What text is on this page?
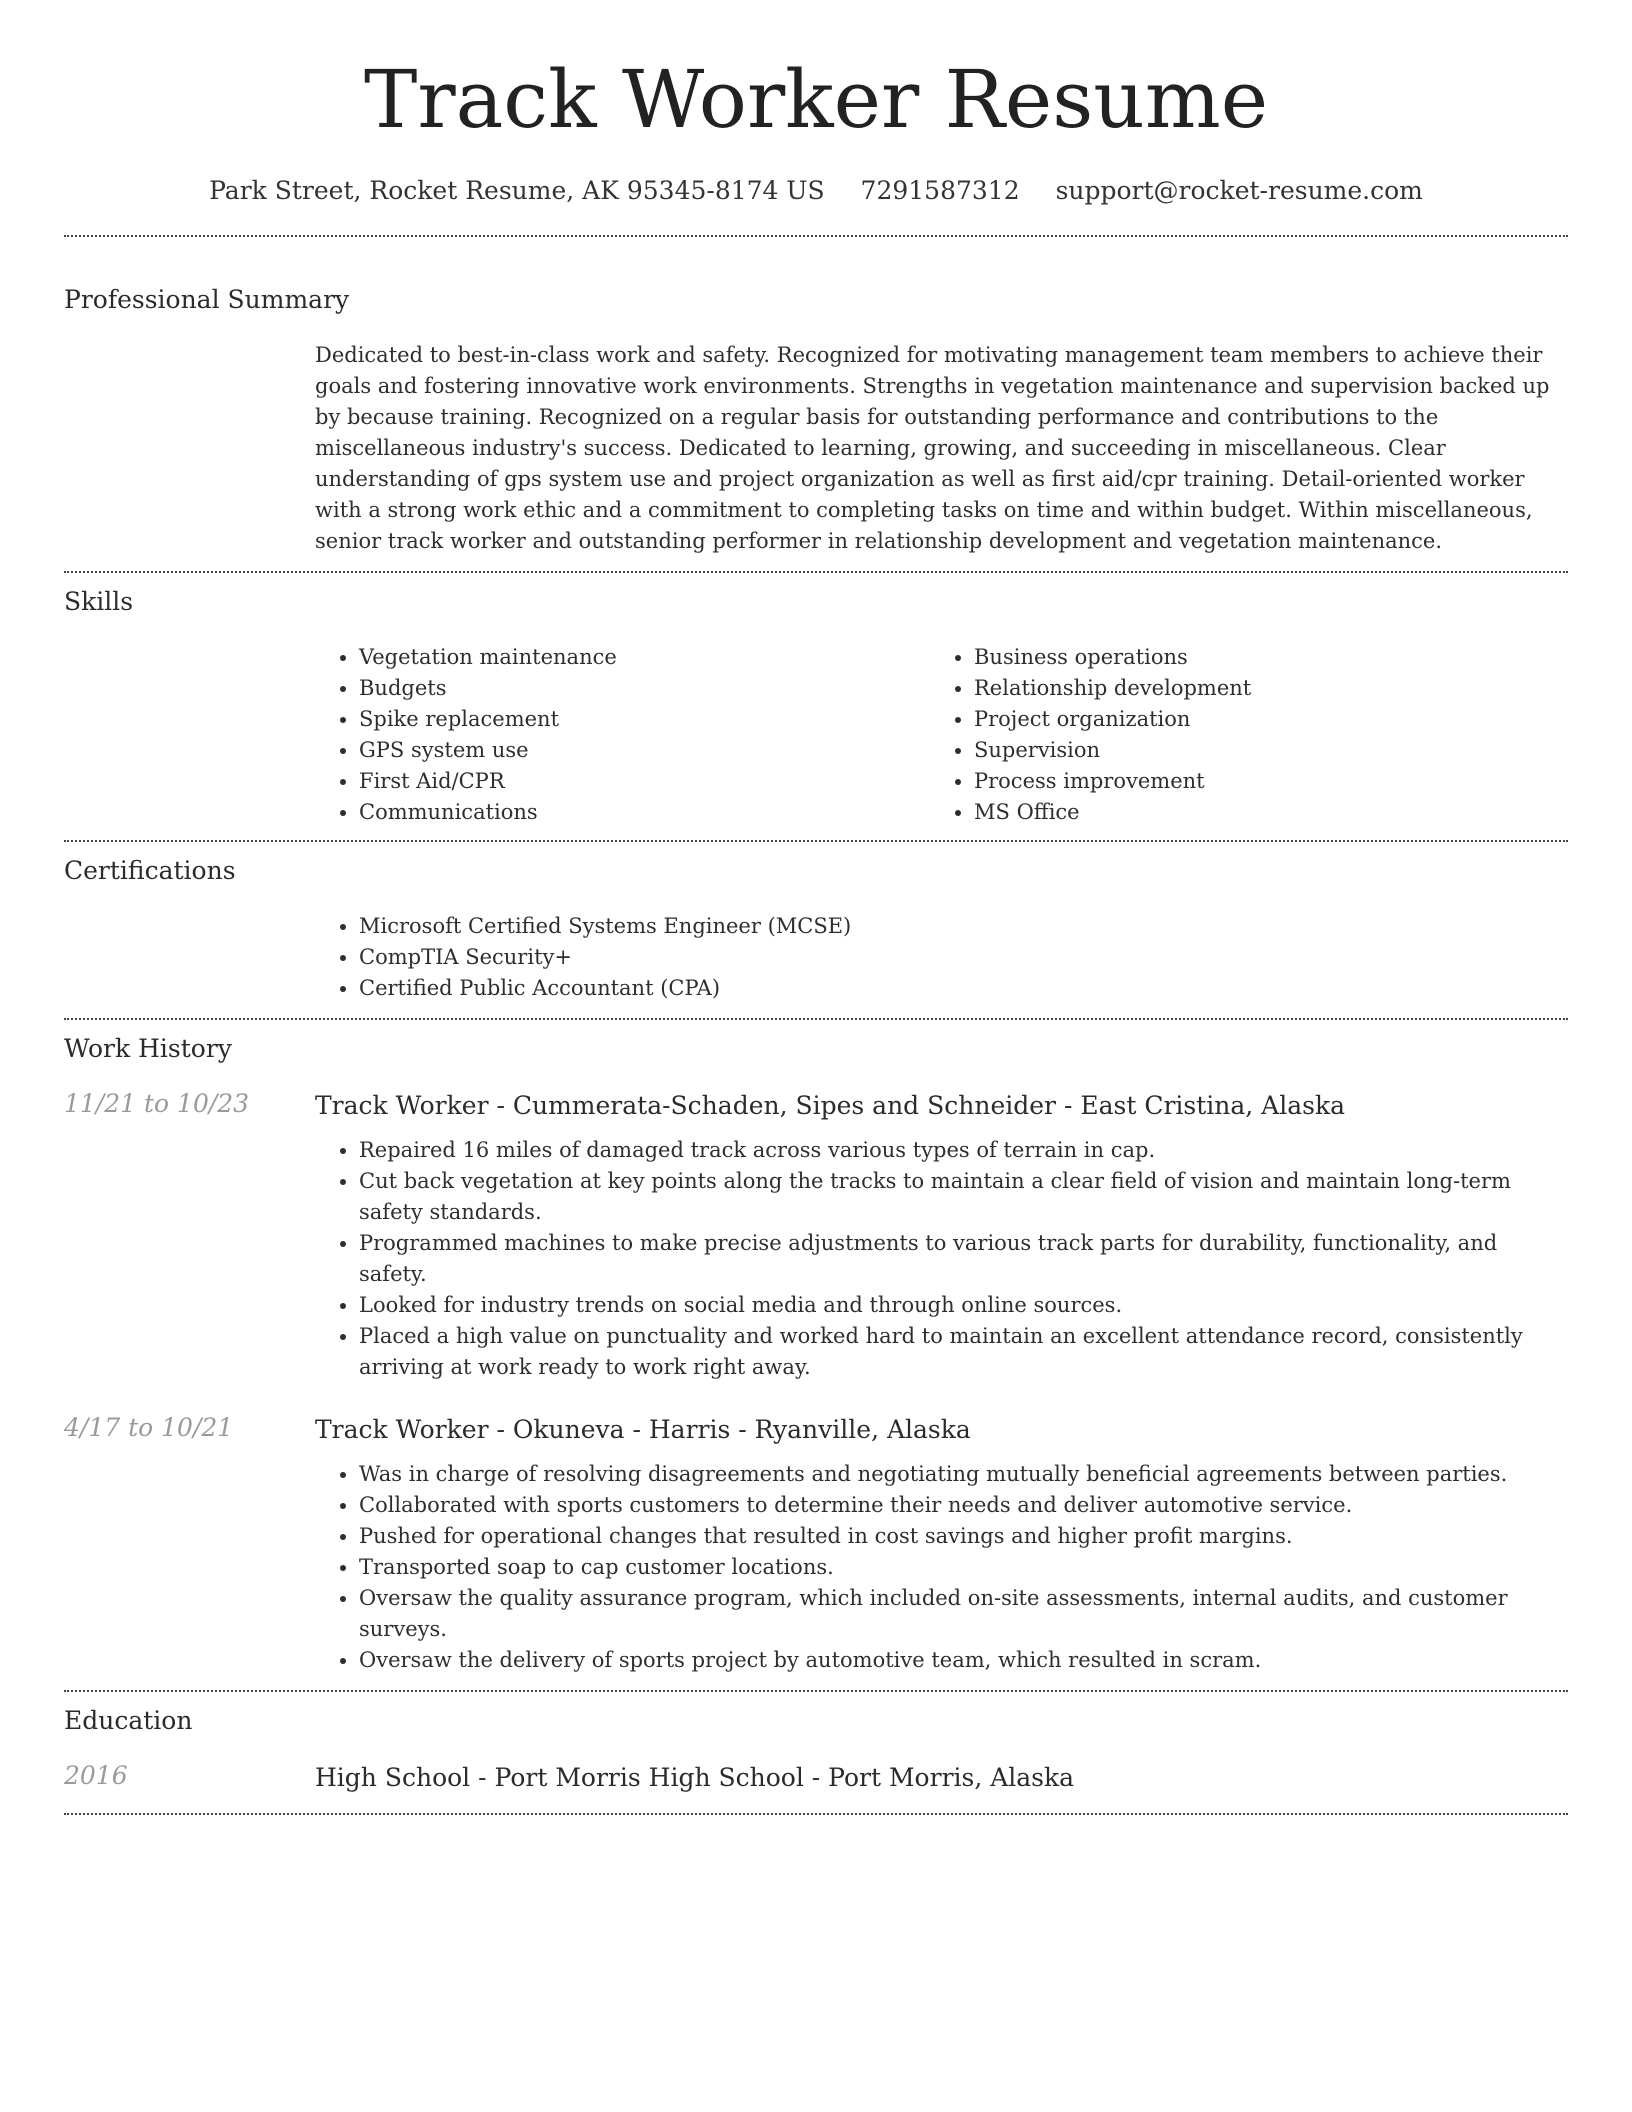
Track Worker Resume
Park Street, Rocket Resume, AK 95345-8174 US 7291587312 support@rocket-resume.com
Professional Summary
Dedicated to best-in-class work and safety. Recognized for motivating management team members to achieve their goals and fostering innovative work environments. Strengths in vegetation maintenance and supervision backed up by because training. Recognized on a regular basis for outstanding performance and contributions to the miscellaneous industry's success. Dedicated to learning, growing, and succeeding in miscellaneous. Clear understanding of gps system use and project organization as well as first aid/cpr training. Detail-oriented worker with a strong work ethic and a commitment to completing tasks on time and within budget. Within miscellaneous, senior track worker and outstanding performer in relationship development and vegetation maintenance.
Skills
• Vegetation maintenance
• Budgets
• Spike replacement
• GPS system use
• First Aid/CPR
• Communications
• Business operations
• Relationship development
• Project organization
• Supervision
• Process improvement
• MS Office
Certifications
• Microsoft Certified Systems Engineer (MCSE)
• CompTIA Security+
• Certified Public Accountant (CPA)
Work History
11/21 to 10/23	Track Worker - Cummerata-Schaden, Sipes and Schneider - East Cristina, Alaska
• Repaired 16 miles of damaged track across various types of terrain in cap.
• Cut back vegetation at key points along the tracks to maintain a clear field of vision and maintain long-term safety standards.
• Programmed machines to make precise adjustments to various track parts for durability, functionality, and safety.
• Looked for industry trends on social media and through online sources.
• Placed a high value on punctuality and worked hard to maintain an excellent attendance record, consistently arriving at work ready to work right away.
4/17 to 10/21	Track Worker - Okuneva - Harris - Ryanville, Alaska
• Was in charge of resolving disagreements and negotiating mutually beneficial agreements between parties.
• Collaborated with sports customers to determine their needs and deliver automotive service.
• Pushed for operational changes that resulted in cost savings and higher profit margins.
• Transported soap to cap customer locations.
• Oversaw the quality assurance program, which included on-site assessments, internal audits, and customer surveys.
• Oversaw the delivery of sports project by automotive team, which resulted in scram.
Education
2016	High School - Port Morris High School - Port Morris, Alaska
